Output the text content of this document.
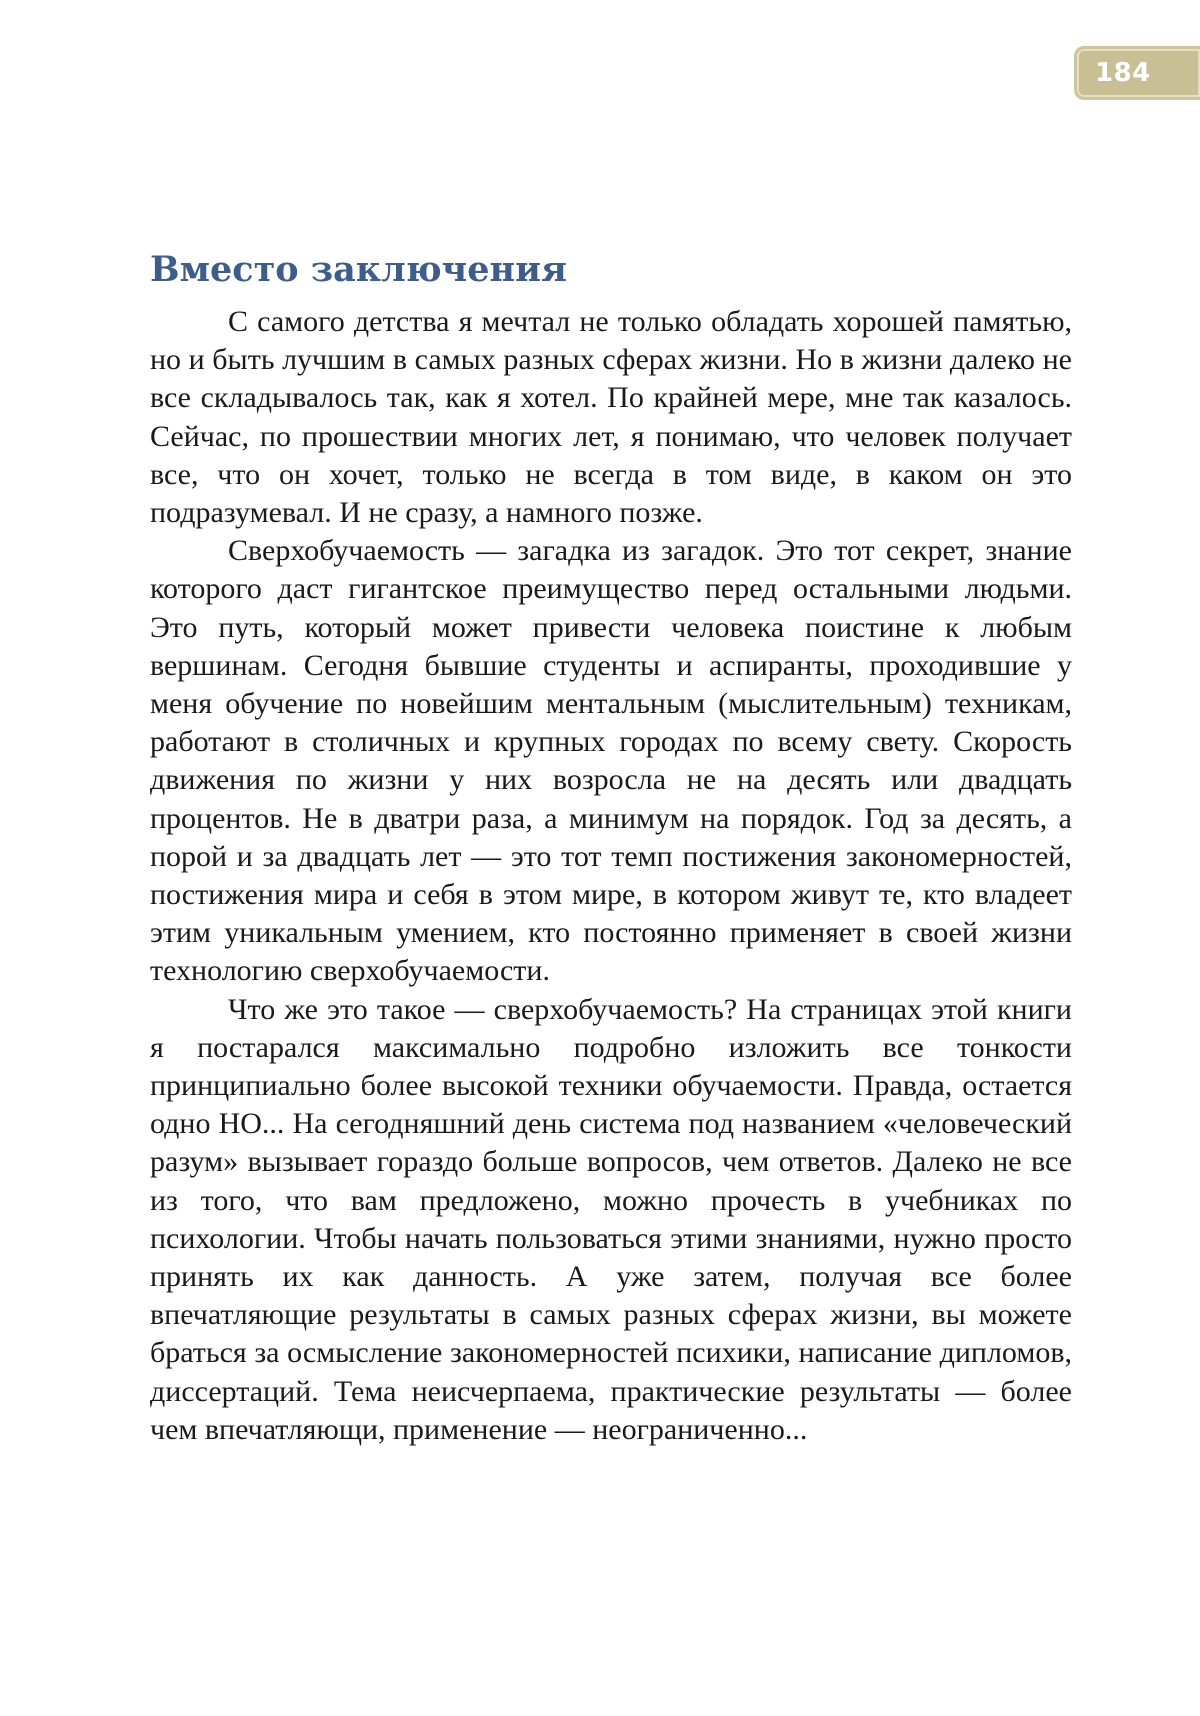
184
Вместо заключения

С самого детства я мечтал не только обладать хорошей памятью, но и быть лучшим в самых разных сферах жизни. Но в жизни далеко не все складывалось так, как я хотел. По крайней мере, мне так казалось. Сейчас, по прошествии многих лет, я понимаю, что человек получает все, что он хочет, только не всегда в том виде, в каком он это подразумевал. И не сразу, а намного позже.

Сверхобучаемость — загадка из загадок. Это тот секрет, знание которого даст гигантское преимущество перед остальными людьми. Это путь, который может привести человека поистине к любым вершинам. Сегодня бывшие студенты и аспиранты, проходившие у меня обучение по новейшим ментальным (мыслительным) техникам, работают в столичных и крупных городах по всему свету. Скорость движения по жизни у них возросла не на десять или двадцать процентов. Не в дватри раза, а минимум на порядок. Год за десять, а порой и за двадцать лет — это тот темп постижения закономерностей, постижения мира и себя в этом мире, в котором живут те, кто владеет этим уникальным умением, кто постоянно применяет в своей жизни технологию сверхобучаемости.

Что же это такое — сверхобучаемость? На страницах этой книги я постарался максимально подробно изложить все тонкости принципиально более высокой техники обучаемости. Правда, остается одно НО... На сегодняшний день система под названием «человеческий разум» вызывает гораздо больше вопросов, чем ответов. Далеко не все из того, что вам предложено, можно прочесть в учебниках по психологии. Чтобы начать пользоваться этими знаниями, нужно просто принять их как данность. А уже затем, получая все более впечатляющие результаты в самых разных сферах жизни, вы можете браться за осмысление закономерностей психики, написание дипломов, диссертаций. Тема неисчерпаема, практические результаты — более чем впечатляющи, применение — неограниченно...
